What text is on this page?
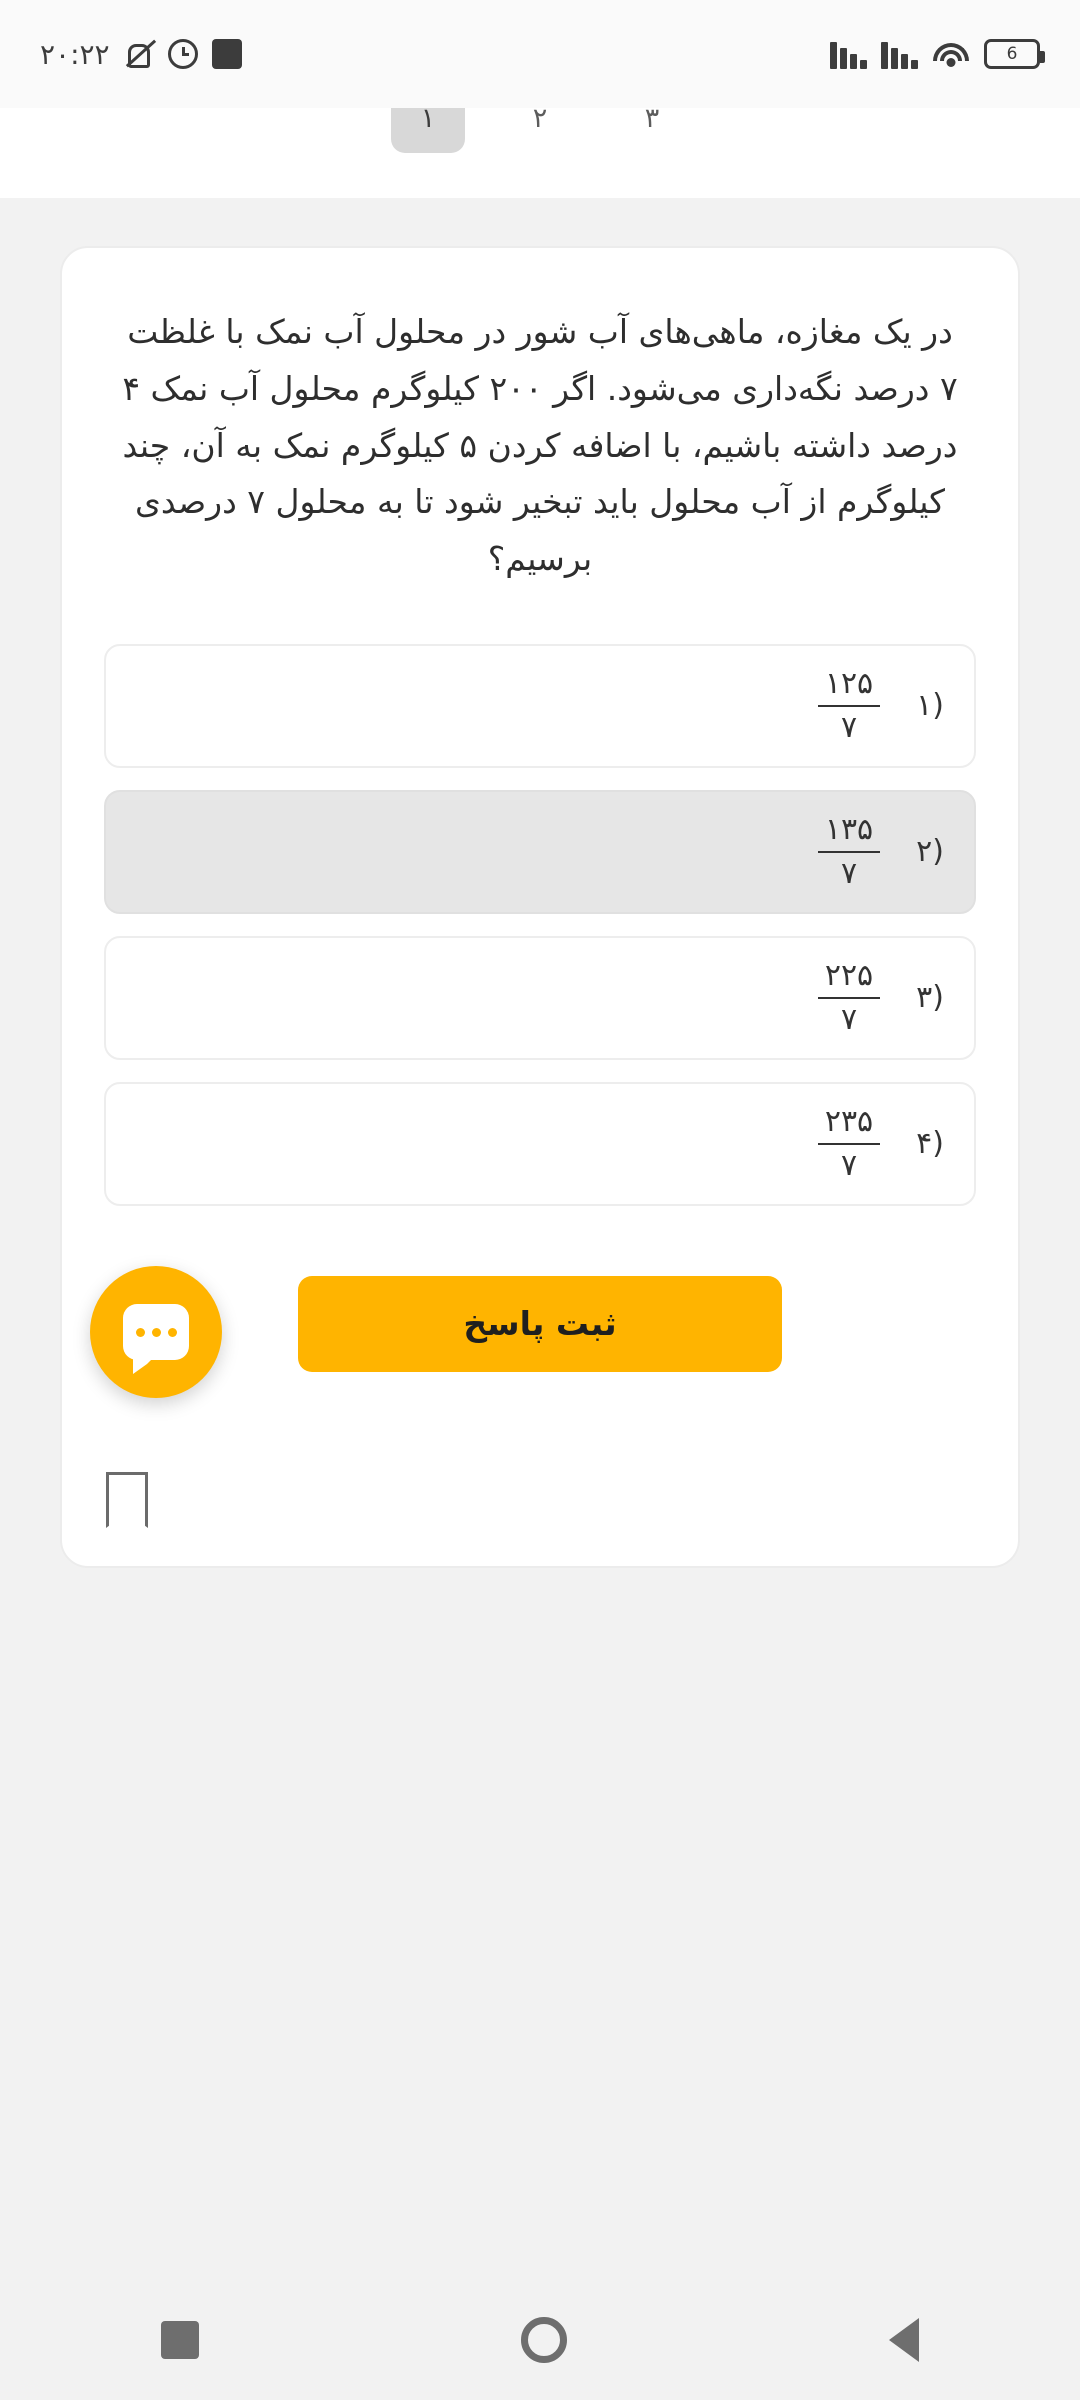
6
۲۰:۲۲
۱	۲	۳
در یک مغازه، ماهی‌های آب شور در محلول آب نمک با غلظت ۷ درصد نگه‌داری می‌شود. اگر ۲۰۰ کیلوگرم محلول آب نمک ۴ درصد داشته باشیم، با اضافه کردن ۵ کیلوگرم نمک به آن، چند کیلوگرم از آب محلول باید تبخیر شود تا به محلول ۷ درصدی برسیم؟
(۱
$\frac{۱۲۵}{۷}$
(۲
$\frac{۱۳۵}{۷}$
(۳
$\frac{۲۲۵}{۷}$
(۴
$\frac{۲۳۵}{۷}$
ثبت پاسخ
